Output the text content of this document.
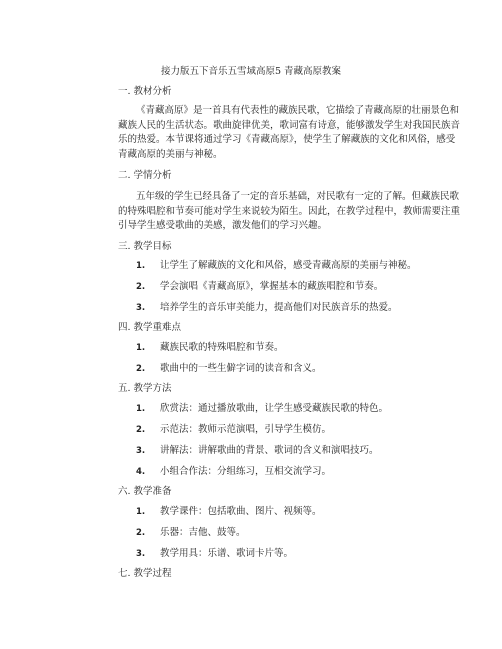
接力版五下音乐五雪域高原5 青藏高原教案
一. 教材分析
《青藏高原》是一首具有代表性的藏族民歌，它描绘了青藏高原的壮丽景色和
藏族人民的生活状态。歌曲旋律优美，歌词富有诗意，能够激发学生对我国民族音
乐的热爱。本节课将通过学习《青藏高原》，使学生了解藏族的文化和风俗，感受
青藏高原的美丽与神秘。
二. 学情分析
五年级的学生已经具备了一定的音乐基础，对民歌有一定的了解。但藏族民歌
的特殊唱腔和节奏可能对学生来说较为陌生。因此，在教学过程中，教师需要注重
引导学生感受歌曲的美感，激发他们的学习兴趣。
三. 教学目标
1. 让学生了解藏族的文化和风俗，感受青藏高原的美丽与神秘。
2. 学会演唱《青藏高原》，掌握基本的藏族唱腔和节奏。
3. 培养学生的音乐审美能力，提高他们对民族音乐的热爱。
四. 教学重难点
1. 藏族民歌的特殊唱腔和节奏。
2. 歌曲中的一些生僻字词的读音和含义。
五. 教学方法
1. 欣赏法：通过播放歌曲，让学生感受藏族民歌的特色。
2. 示范法：教师示范演唱，引导学生模仿。
3. 讲解法：讲解歌曲的背景、歌词的含义和演唱技巧。
4. 小组合作法：分组练习，互相交流学习。
六. 教学准备
1. 教学课件：包括歌曲、图片、视频等。
2. 乐器：吉他、鼓等。
3. 教学用具：乐谱、歌词卡片等。
七. 教学过程
